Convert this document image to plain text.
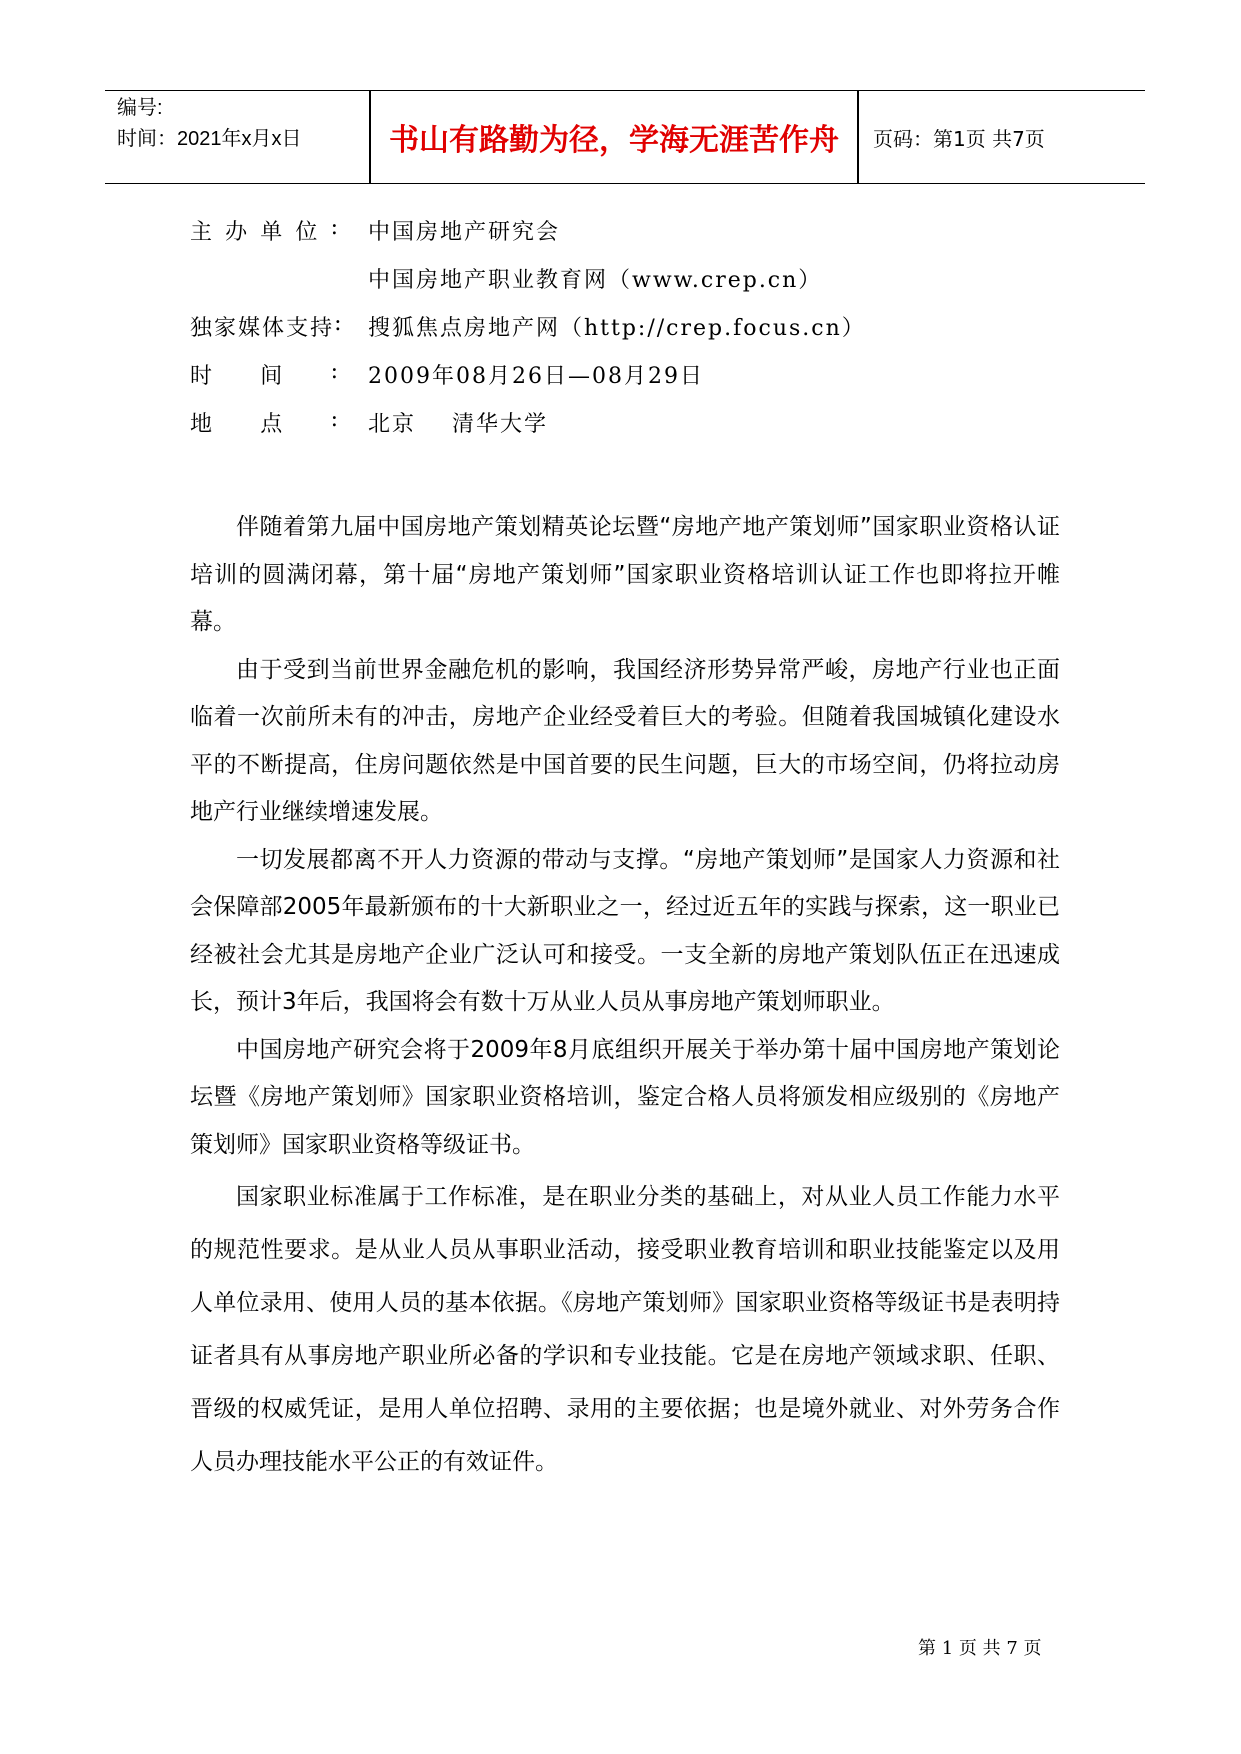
编号:
时间：2021年x月x日	书山有路勤为径，学海无涯苦作舟	页码：第1页 共7页
主 办 单 位 : 中国房地产研究会
中国房地产职业教育网（www.crep.cn）
独 家 媒 体 支 持 : 搜狐焦点房地产网（http://crep.focus.cn）
时 间 : 2009年08月26日—08月29日
地 点 : 北京    清华大学

伴随着第九届中国房地产策划精英论坛暨“房地产地产策划师”国家职业资格认证培训的圆满闭幕，第十届“房地产策划师”国家职业资格培训认证工作也即将拉开帷幕。

由于受到当前世界金融危机的影响，我国经济形势异常严峻，房地产行业也正面临着一次前所未有的冲击，房地产企业经受着巨大的考验。但随着我国城镇化建设水平的不断提高，住房问题依然是中国首要的民生问题，巨大的市场空间，仍将拉动房地产行业继续增速发展。

一切发展都离不开人力资源的带动与支撑。“房地产策划师”是国家人力资源和社会保障部2005年最新颁布的十大新职业之一，经过近五年的实践与探索，这一职业已经被社会尤其是房地产企业广泛认可和接受。一支全新的房地产策划队伍正在迅速成长，预计3年后，我国将会有数十万从业人员从事房地产策划师职业。

中国房地产研究会将于2009年8月底组织开展关于举办第十届中国房地产策划论坛暨《房地产策划师》国家职业资格培训，鉴定合格人员将颁发相应级别的《房地产策划师》国家职业资格等级证书。

国家职业标准属于工作标准，是在职业分类的基础上，对从业人员工作能力水平的规范性要求。是从业人员从事职业活动，接受职业教育培训和职业技能鉴定以及用人单位录用、使用人员的基本依据。《房地产策划师》国家职业资格等级证书是表明持证者具有从事房地产职业所必备的学识和专业技能。它是在房地产领域求职、任职、晋级的权威凭证，是用人单位招聘、录用的主要依据；也是境外就业、对外劳务合作人员办理技能水平公正的有效证件。

第 1 页 共 7 页
